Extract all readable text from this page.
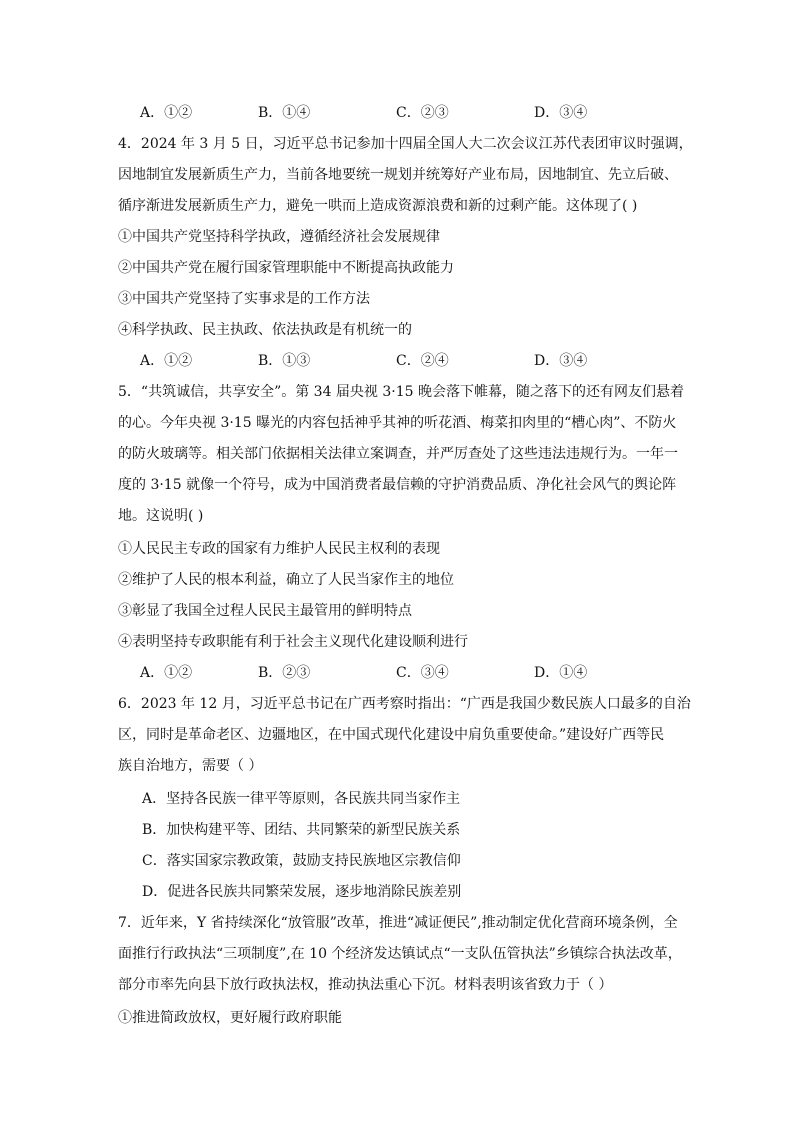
A．①②	B．①④	C．②③	D．③④
4．2024 年 3 月 5 日，习近平总书记参加十四届全国人大二次会议江苏代表团审议时强调，
因地制宜发展新质生产力，当前各地要统一规划并统筹好产业布局，因地制宜、先立后破、
循序渐进发展新质生产力，避免一哄而上造成资源浪费和新的过剩产能。这体现了( )
①中国共产党坚持科学执政，遵循经济社会发展规律
②中国共产党在履行国家管理职能中不断提高执政能力
③中国共产党坚持了实事求是的工作方法
④科学执政、民主执政、依法执政是有机统一的
A．①②	B．①③	C．②④	D．③④
5．“共筑诚信，共享安全”。第 34 届央视 3·15 晚会落下帷幕，随之落下的还有网友们悬着
的心。今年央视 3·15 曝光的内容包括神乎其神的听花酒、梅菜扣肉里的“槽心肉”、不防火
的防火玻璃等。相关部门依据相关法律立案调查，并严厉查处了这些违法违规行为。一年一
度的 3·15 就像一个符号，成为中国消费者最信赖的守护消费品质、净化社会风气的舆论阵
地。这说明( )
①人民民主专政的国家有力维护人民民主权利的表现
②维护了人民的根本利益，确立了人民当家作主的地位
③彰显了我国全过程人民民主最管用的鲜明特点
④表明坚持专政职能有利于社会主义现代化建设顺利进行
A．①②	B．②③	C．③④	D．①④
6．2023 年 12 月，习近平总书记在广西考察时指出：“广西是我国少数民族人口最多的自治
区，同时是革命老区、边疆地区，在中国式现代化建设中肩负重要使命。”建设好广西等民
族自治地方，需要（ ）
A．坚持各民族一律平等原则，各民族共同当家作主
B．加快构建平等、团结、共同繁荣的新型民族关系
C．落实国家宗教政策，鼓励支持民族地区宗教信仰
D．促进各民族共同繁荣发展，逐步地消除民族差别
7．近年来，Y 省持续深化“放管服”改革，推进“减证便民”,推动制定优化营商环境条例，全
面推行行政执法“三项制度”,在 10 个经济发达镇试点“一支队伍管执法”乡镇综合执法改革，
部分市率先向县下放行政执法权，推动执法重心下沉。材料表明该省致力于（ ）
①推进简政放权，更好履行政府职能
